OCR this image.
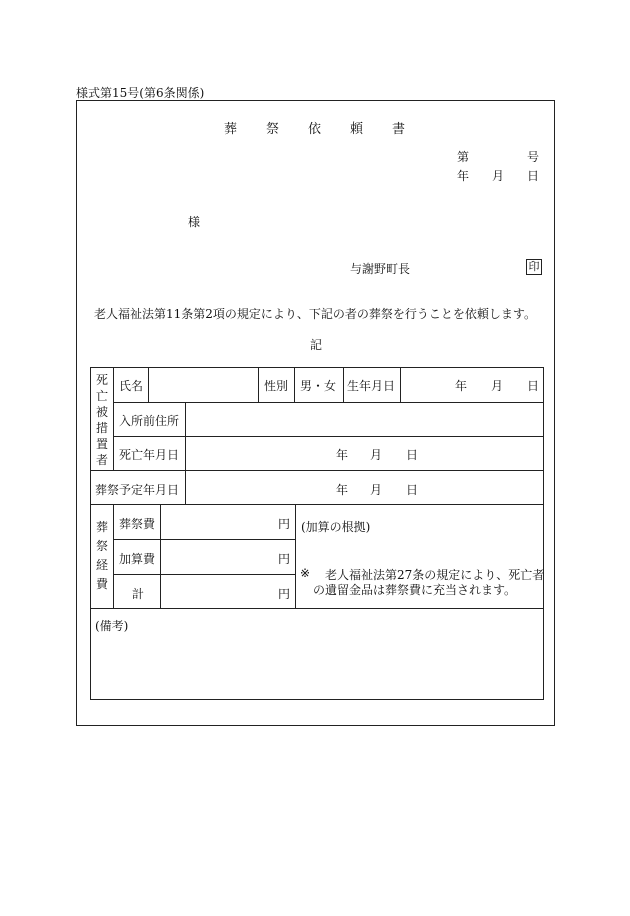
様式第15号(第6条関係)
葬 祭 依 頼 書
第	号
年 月 日
様
与謝野町長	印
老人福祉法第11条第2項の規定により、下記の者の葬祭を行うことを依頼します。
記
死
亡
被
措
置
者
氏名	性別 男・女 生年月日	年 月 日
入所前住所
死亡年月日	年 月 日
葬祭予定年月日	年 月 日
葬
祭
経
費
葬祭費	円
加算費	円
計	円
(加算の根拠)
※ 老人福祉法第27条の規定により、死亡者
の遺留金品は葬祭費に充当されます。
(備考)
